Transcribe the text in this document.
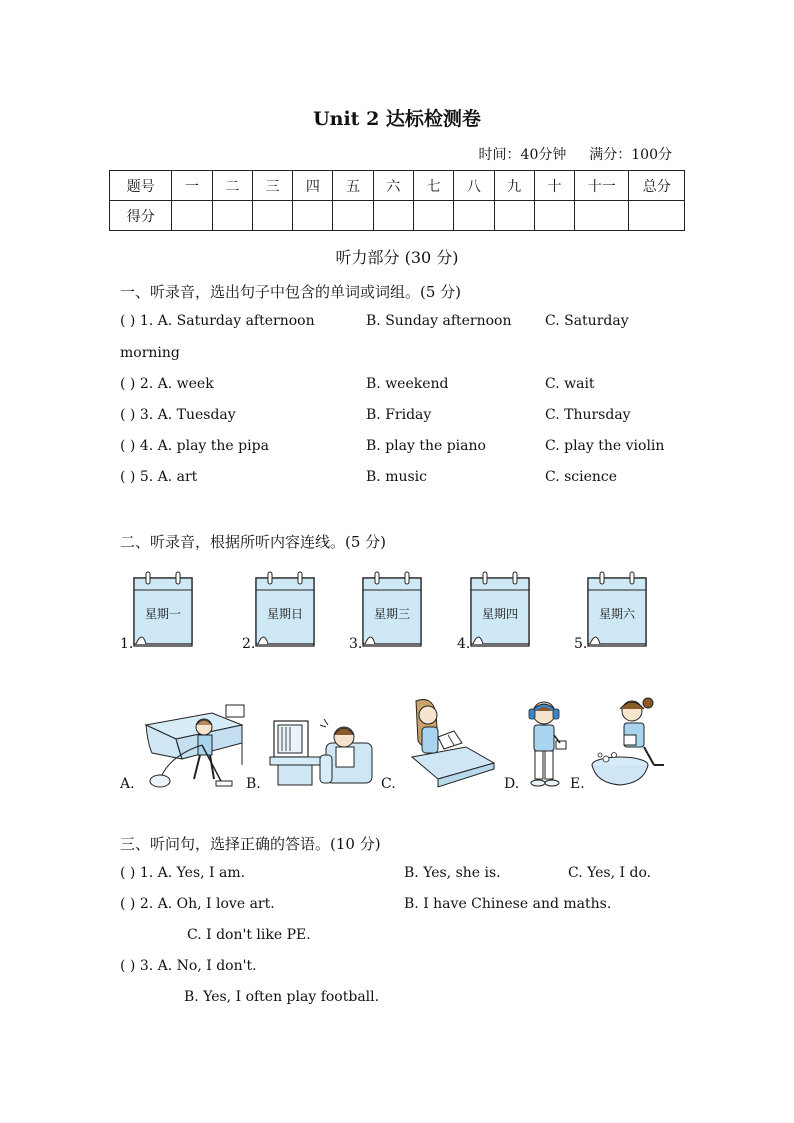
Unit 2 达标检测卷
时间：40分钟 满分：100分
题号	一	二	三	四	五	六	七	八	九	十	十一	总分
得分												
听力部分 (30 分)
一、听录音，选出句子中包含的单词或词组。(5 分)
( ) 1. A. Saturday afternoon	B. Sunday afternoon C. Saturday
morning
( ) 2. A. week	B. weekend	C. wait
( ) 3. A. Tuesday	B. Friday	C. Thursday
( ) 4. A. play the pipa	B. play the piano	C. play the violin
( ) 5. A. art	B. music	C. science
二、听录音，根据所听内容连线。(5 分)
1.
星期一
2.
星期日
3.
星期三
4.
星期四
5.
星期六
A.	B.	C.	D.	E.
三、听问句，选择正确的答语。(10 分)
( ) 1. A. Yes, I am.	B. Yes, she is.	C. Yes, I do.
( ) 2. A. Oh, I love art.	B. I have Chinese and maths.
C. I don't like PE.
( ) 3. A. No, I don't.
B. Yes, I often play football.
